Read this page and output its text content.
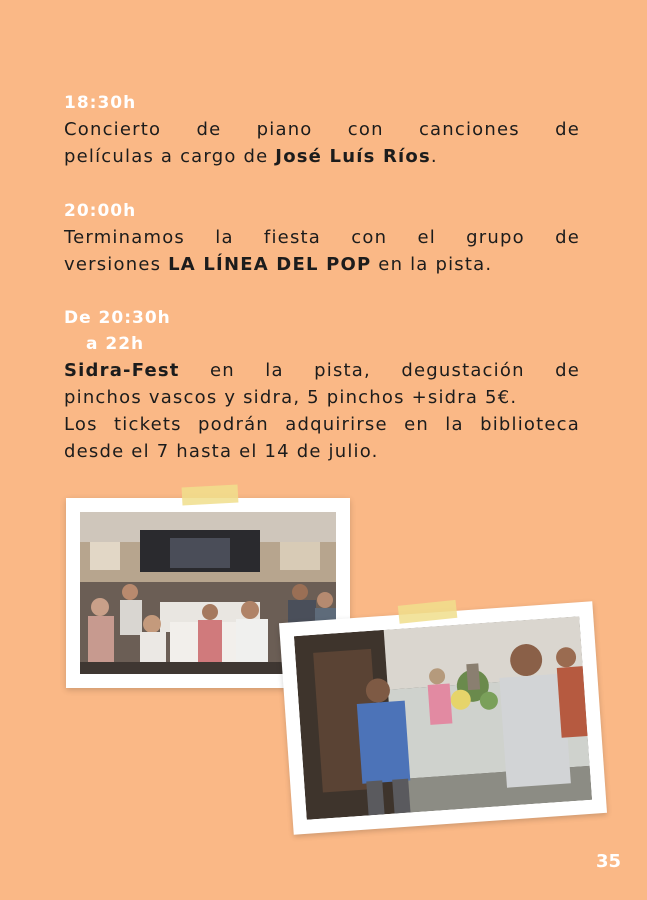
18:30h
Concierto de piano con canciones de
películas a cargo de José Luís Ríos.
20:00h
Terminamos la fiesta con el grupo de
versiones LA LÍNEA DEL POP en la pista.
De 20:30h
a 22h
Sidra-Fest en la pista, degustación de
pinchos vascos y sidra, 5 pinchos +sidra 5€.
Los tickets podrán adquirirse en la biblioteca
desde el 7 hasta el 14 de julio.
35
